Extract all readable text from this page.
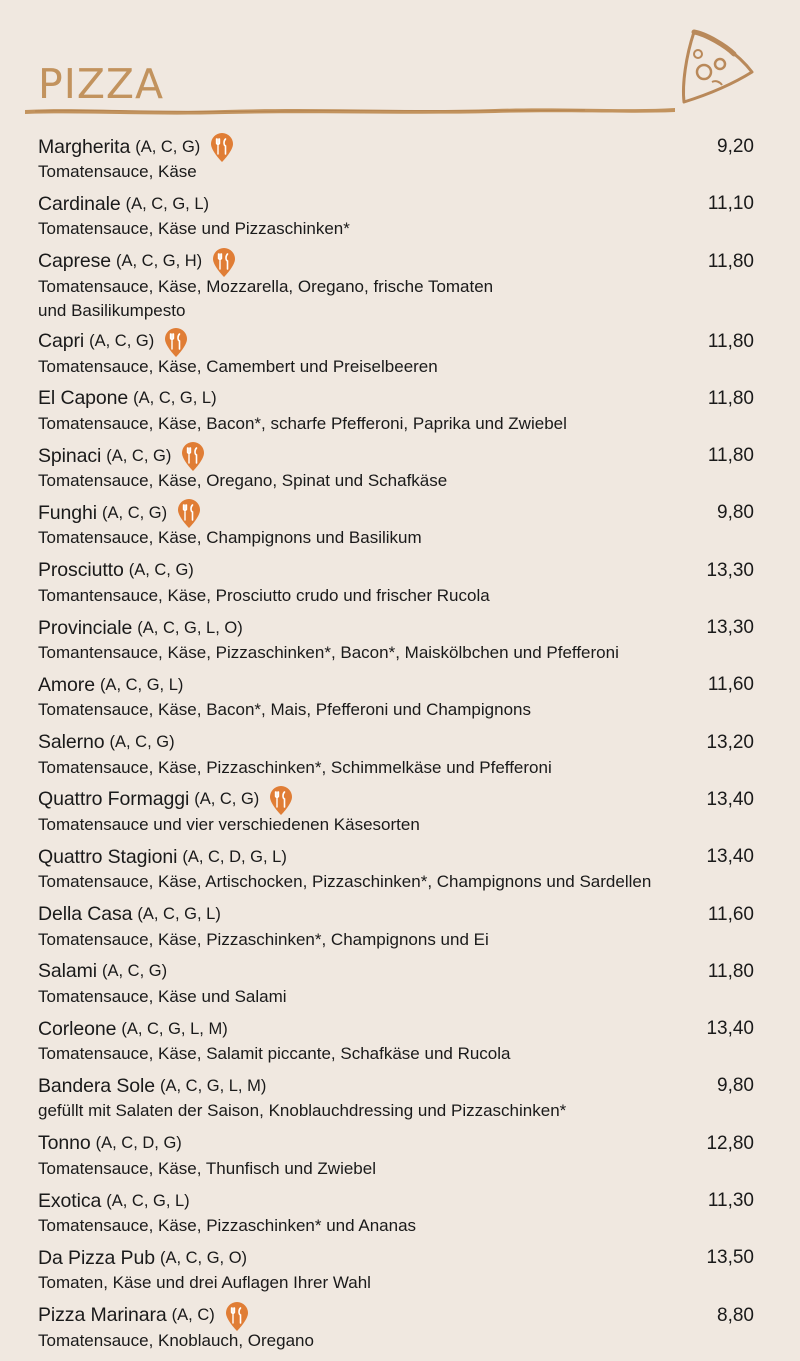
PIZZA
Margherita (A, C, G)	9,20
Tomatensauce, Käse
Cardinale (A, C, G, L)	11,10
Tomatensauce, Käse und Pizzaschinken*
Caprese (A, C, G, H)	11,80
Tomatensauce, Käse, Mozzarella, Oregano, frische Tomaten
und Basilikumpesto
Capri (A, C, G)	11,80
Tomatensauce, Käse, Camembert und Preiselbeeren
El Capone (A, C, G, L)	11,80
Tomatensauce, Käse, Bacon*, scharfe Pfefferoni, Paprika und Zwiebel
Spinaci (A, C, G)	11,80
Tomatensauce, Käse, Oregano, Spinat und Schafkäse
Funghi (A, C, G)	9,80
Tomatensauce, Käse, Champignons und Basilikum
Prosciutto (A, C, G)	13,30
Tomantensauce, Käse, Prosciutto crudo und frischer Rucola
Provinciale (A, C, G, L, O)	13,30
Tomantensauce, Käse, Pizzaschinken*, Bacon*, Maiskölbchen und Pfefferoni
Amore (A, C, G, L)	11,60
Tomatensauce, Käse, Bacon*, Mais, Pfefferoni und Champignons
Salerno (A, C, G)	13,20
Tomatensauce, Käse, Pizzaschinken*, Schimmelkäse und Pfefferoni
Quattro Formaggi (A, C, G)	13,40
Tomatensauce und vier verschiedenen Käsesorten
Quattro Stagioni (A, C, D, G, L)	13,40
Tomatensauce, Käse, Artischocken, Pizzaschinken*, Champignons und Sardellen
Della Casa (A, C, G, L)	11,60
Tomatensauce, Käse, Pizzaschinken*, Champignons und Ei
Salami (A, C, G)	11,80
Tomatensauce, Käse und Salami
Corleone (A, C, G, L, M)	13,40
Tomatensauce, Käse, Salamit piccante, Schafkäse und Rucola
Bandera Sole (A, C, G, L, M)	9,80
gefüllt mit Salaten der Saison, Knoblauchdressing und Pizzaschinken*
Tonno (A, C, D, G)	12,80
Tomatensauce, Käse, Thunfisch und Zwiebel
Exotica (A, C, G, L)	11,30
Tomatensauce, Käse, Pizzaschinken* und Ananas
Da Pizza Pub (A, C, G, O)	13,50
Tomaten, Käse und drei Auflagen Ihrer Wahl
Pizza Marinara (A, C)	8,80
Tomatensauce, Knoblauch, Oregano
